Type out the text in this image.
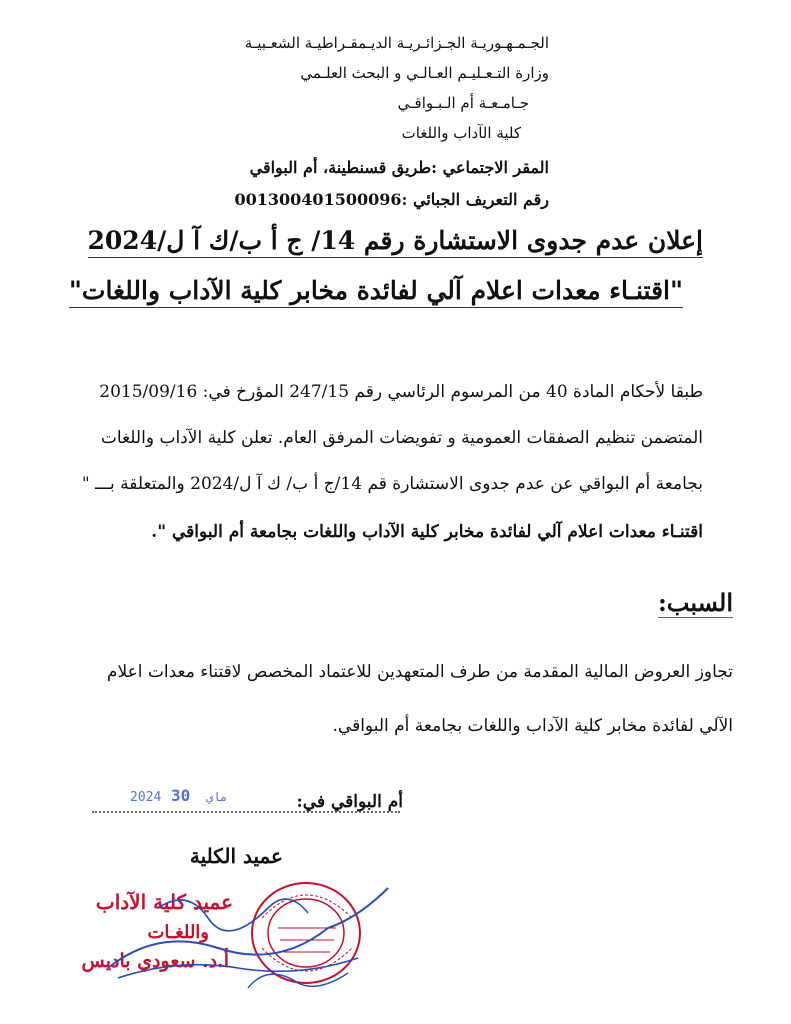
الجـمـهـوريـة الجـزائـريـة الديـمقـراطيـة الشعـبيـة
وزارة التـعـليـم العـالـي و البحث العلـمي
جـامـعـة أم الـبـواقـي
كلية الآداب واللغات
المقر الاجتماعي :طريق قسنطينة، أم البواقي
رقم التعريف الجبائي :001300401500096
إعلان عدم جدوى الاستشارة رقم 14/ ج أ ب/ك آ ل/2024
"اقتنـاء معدات اعلام آلي لفائدة مخابر كلية الآداب واللغات"
طبقا لأحكام المادة 40 من المرسوم الرئاسي رقم 247/15 المؤرخ في: 2015/09/16
المتضمن تنظيم الصفقات العمومية و تفويضات المرفق العام. تعلن كلية الآداب واللغات
بجامعة أم البواقي عن عدم جدوى الاستشارة قم 14/ج أ ب/ ك آ ل/2024 والمتعلقة بـــ "
اقتنـاء معدات اعلام آلي لفائدة مخابر كلية الآداب واللغات بجامعة أم البواقي ".
السبب:
تجاوز العروض المالية المقدمة من طرف المتعهدين للاعتماد المخصص لاقتناء معدات اعلام
الآلي لفائدة مخابر كلية الآداب واللغات بجامعة أم البواقي.
أم البواقي في:
2024	ماي 30
عميد الكلية
عميد كلية الآداب
واللغـات
أ.د. سعودي باديس
